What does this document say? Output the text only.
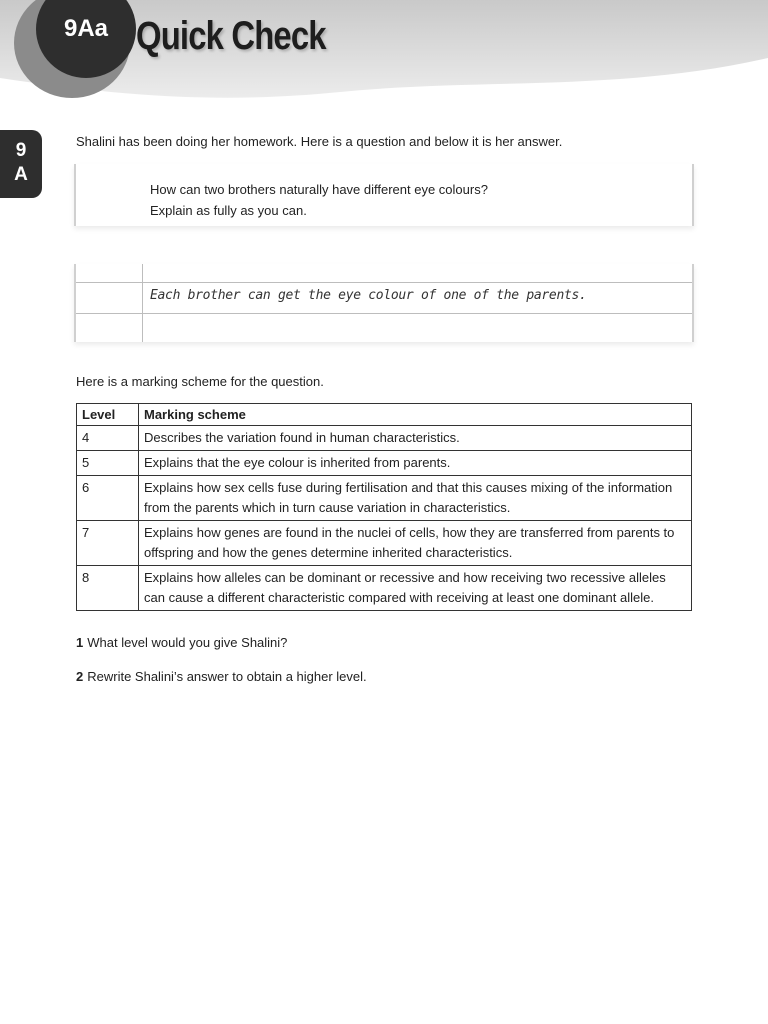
9Aa Quick Check
9
A
Shalini has been doing her homework. Here is a question and below it is her answer.
How can two brothers naturally have different eye colours?
Explain as fully as you can.
Each brother can get the eye colour of one of the parents.
Here is a marking scheme for the question.
Level	Marking scheme
4	Describes the variation found in human characteristics.
5	Explains that the eye colour is inherited from parents.
6	Explains how sex cells fuse during fertilisation and that this causes mixing of the information from the parents which in turn cause variation in characteristics.
7	Explains how genes are found in the nuclei of cells, how they are transferred from parents to offspring and how the genes determine inherited characteristics.
8	Explains how alleles can be dominant or recessive and how receiving two recessive alleles can cause a different characteristic compared with receiving at least one dominant allele.
1 What level would you give Shalini?
2 Rewrite Shalini’s answer to obtain a higher level.
